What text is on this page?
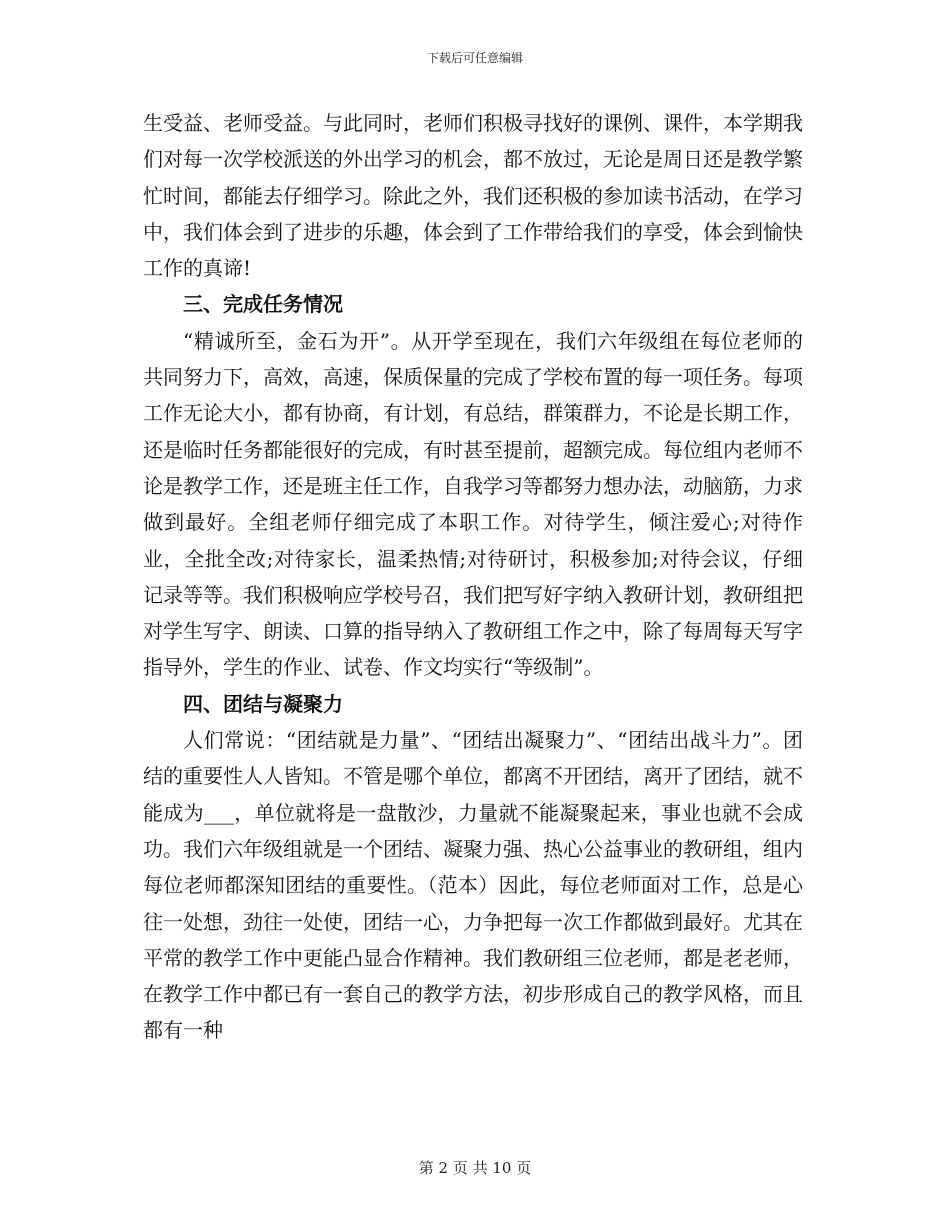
下载后可任意编辑

生受益、老师受益。与此同时，老师们积极寻找好的课例、课件，本学期我们对每一次学校派送的外出学习的机会，都不放过，无论是周日还是教学繁忙时间，都能去仔细学习。除此之外，我们还积极的参加读书活动，在学习中，我们体会到了进步的乐趣，体会到了工作带给我们的享受，体会到愉快工作的真谛!

三、完成任务情况

“精诚所至，金石为开”。从开学至现在，我们六年级组在每位老师的共同努力下，高效，高速，保质保量的完成了学校布置的每一项任务。每项工作无论大小，都有协商，有计划，有总结，群策群力，不论是长期工作，还是临时任务都能很好的完成，有时甚至提前，超额完成。每位组内老师不论是教学工作，还是班主任工作，自我学习等都努力想办法，动脑筋，力求做到最好。全组老师仔细完成了本职工作。对待学生，倾注爱心;对待作业，全批全改;对待家长，温柔热情;对待研讨，积极参加;对待会议，仔细记录等等。我们积极响应学校号召，我们把写好字纳入教研计划，教研组把对学生写字、朗读、口算的指导纳入了教研组工作之中，除了每周每天写字指导外，学生的作业、试卷、作文均实行“等级制”。

四、团结与凝聚力

人们常说：“团结就是力量”、“团结出凝聚力”、“团结出战斗力”。团结的重要性人人皆知。不管是哪个单位，都离不开团结，离开了团结，就不能成为___，单位就将是一盘散沙，力量就不能凝聚起来，事业也就不会成功。我们六年级组就是一个团结、凝聚力强、热心公益事业的教研组，组内每位老师都深知团结的重要性。（范本）因此，每位老师面对工作，总是心往一处想，劲往一处使，团结一心，力争把每一次工作都做到最好。尤其在平常的教学工作中更能凸显合作精神。我们教研组三位老师，都是老老师，在教学工作中都已有一套自己的教学方法，初步形成自己的教学风格，而且都有一种

第 2 页 共 10 页
